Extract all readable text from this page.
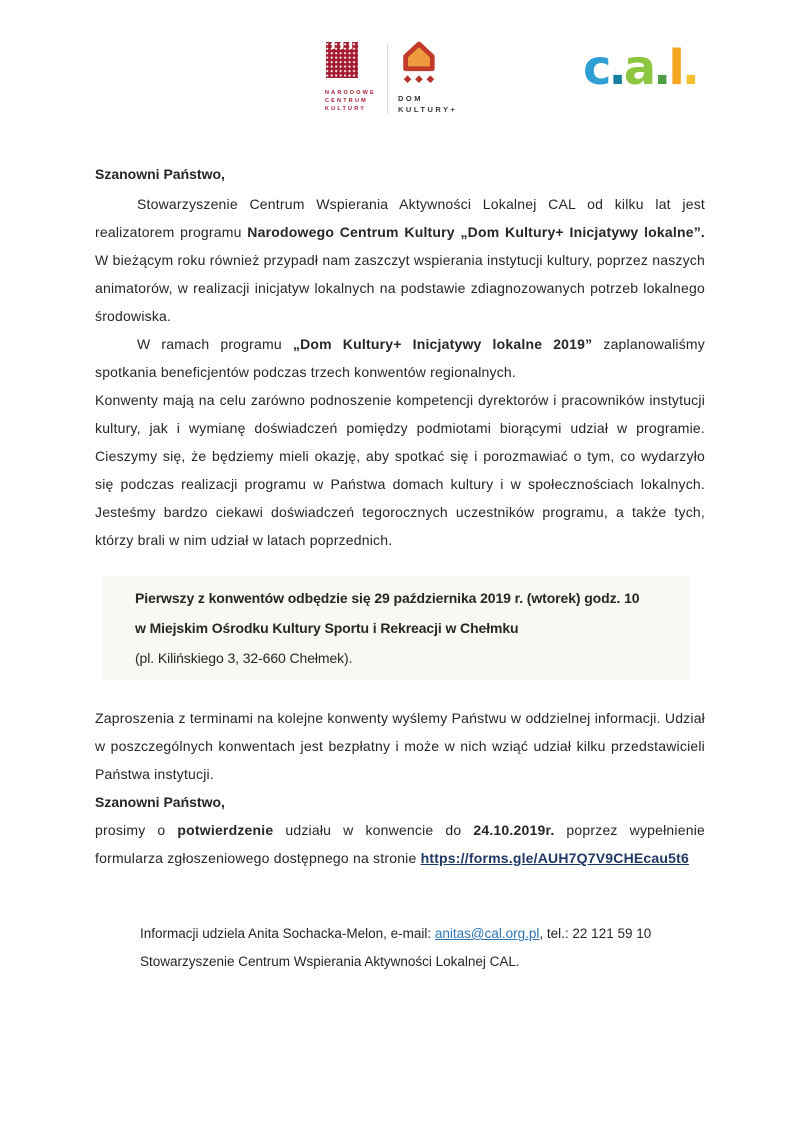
NARODOWE
CENTRUM
KULTURY
DOM
KULTURY+
c.a.l.

Szanowni Państwo,

Stowarzyszenie Centrum Wspierania Aktywności Lokalnej CAL od kilku lat jest realizatorem programu Narodowego Centrum Kultury „Dom Kultury+ Inicjatywy lokalne”. W bieżącym roku również przypadł nam zaszczyt wspierania instytucji kultury, poprzez naszych animatorów, w realizacji inicjatyw lokalnych na podstawie zdiagnozowanych potrzeb lokalnego środowiska.

W ramach programu „Dom Kultury+ Inicjatywy lokalne 2019” zaplanowaliśmy spotkania beneficjentów podczas trzech konwentów regionalnych.

Konwenty mają na celu zarówno podnoszenie kompetencji dyrektorów i pracowników instytucji kultury, jak i wymianę doświadczeń pomiędzy podmiotami biorącymi udział w programie. Cieszymy się, że będziemy mieli okazję, aby spotkać się i porozmawiać o tym, co wydarzyło się podczas realizacji programu w Państwa domach kultury i w społecznościach lokalnych. Jesteśmy bardzo ciekawi doświadczeń tegorocznych uczestników programu, a także tych, którzy brali w nim udział w latach poprzednich.

Pierwszy z konwentów odbędzie się 29 października 2019 r. (wtorek) godz. 10
w Miejskim Ośrodku Kultury Sportu i Rekreacji w Chełmku
(pl. Kilińskiego 3, 32-660 Chełmek).

Zaproszenia z terminami na kolejne konwenty wyślemy Państwu w oddzielnej informacji. Udział w poszczególnych konwentach jest bezpłatny i może w nich wziąć udział kilku przedstawicieli Państwa instytucji.

Szanowni Państwo,

prosimy o potwierdzenie udziału w konwencie do 24.10.2019r. poprzez wypełnienie formularza zgłoszeniowego dostępnego na stronie https://forms.gle/AUH7Q7V9CHEcau5t6

Informacji udziela Anita Sochacka-Melon, e-mail: anitas@cal.org.pl, tel.: 22 121 59 10
Stowarzyszenie Centrum Wspierania Aktywności Lokalnej CAL.
